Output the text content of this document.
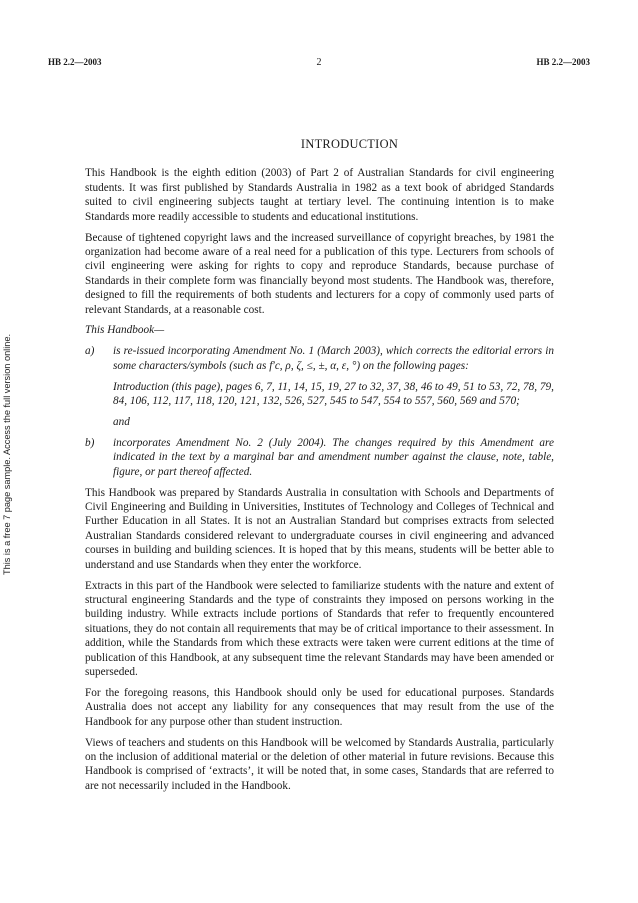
HB 2.2—2003	2	HB 2.2—2003
This is a free 7 page sample. Access the full version online.
INTRODUCTION

This Handbook is the eighth edition (2003) of Part 2 of Australian Standards for civil engineering students. It was first published by Standards Australia in 1982 as a text book of abridged Standards suited to civil engineering subjects taught at tertiary level. The continuing intention is to make Standards more readily accessible to students and educational institutions.

Because of tightened copyright laws and the increased surveillance of copyright breaches, by 1981 the organization had become aware of a real need for a publication of this type. Lecturers from schools of civil engineering were asking for rights to copy and reproduce Standards, because purchase of Standards in their complete form was financially beyond most students. The Handbook was, therefore, designed to fill the requirements of both students and lecturers for a copy of commonly used parts of relevant Standards, at a reasonable cost.

This Handbook—

a)	is re-issued incorporating Amendment No. 1 (March 2003), which corrects the editorial errors in some characters/symbols (such as f′c, ρ, ζ, ≤, ±, α, ε, °) on the following pages:

Introduction (this page), pages 6, 7, 11, 14, 15, 19, 27 to 32, 37, 38, 46 to 49, 51 to 53, 72, 78, 79, 84, 106, 112, 117, 118, 120, 121, 132, 526, 527, 545 to 547, 554 to 557, 560, 569 and 570;

and

b)	incorporates Amendment No. 2 (July 2004). The changes required by this Amendment are indicated in the text by a marginal bar and amendment number against the clause, note, table, figure, or part thereof affected.

This Handbook was prepared by Standards Australia in consultation with Schools and Departments of Civil Engineering and Building in Universities, Institutes of Technology and Colleges of Technical and Further Education in all States. It is not an Australian Standard but comprises extracts from selected Australian Standards considered relevant to undergraduate courses in civil engineering and advanced courses in building and building sciences. It is hoped that by this means, students will be better able to understand and use Standards when they enter the workforce.

Extracts in this part of the Handbook were selected to familiarize students with the nature and extent of structural engineering Standards and the type of constraints they imposed on persons working in the building industry. While extracts include portions of Standards that refer to frequently encountered situations, they do not contain all requirements that may be of critical importance to their assessment. In addition, while the Standards from which these extracts were taken were current editions at the time of publication of this Handbook, at any subsequent time the relevant Standards may have been amended or superseded.

For the foregoing reasons, this Handbook should only be used for educational purposes. Standards Australia does not accept any liability for any consequences that may result from the use of the Handbook for any purpose other than student instruction.

Views of teachers and students on this Handbook will be welcomed by Standards Australia, particularly on the inclusion of additional material or the deletion of other material in future revisions. Because this Handbook is comprised of ‘extracts’, it will be noted that, in some cases, Standards that are referred to are not necessarily included in the Handbook.
